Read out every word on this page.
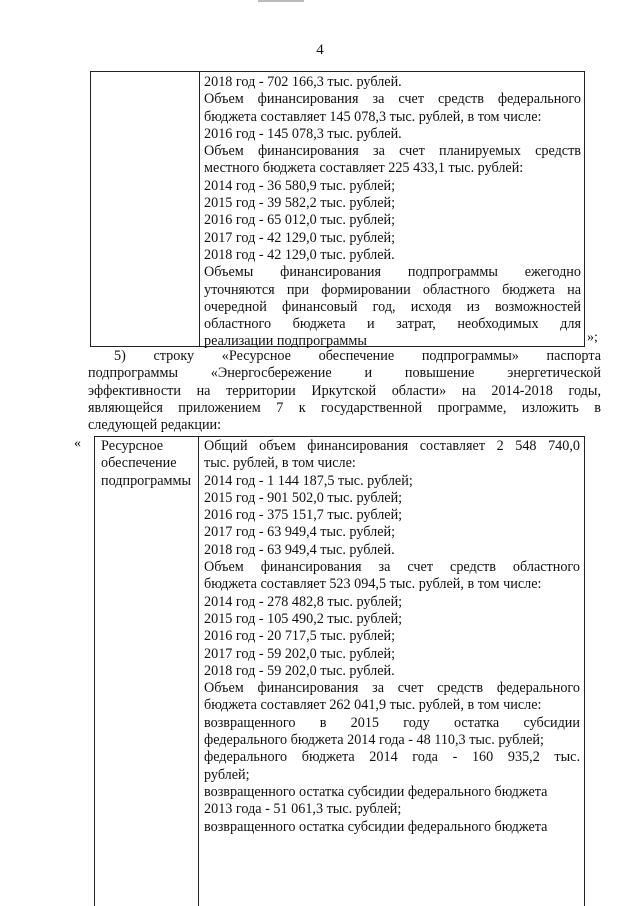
4
2018 год - 702 166,3 тыс. рублей.
Объем финансирования за счет средств федерального
бюджета составляет 145 078,3 тыс. рублей, в том числе:
2016 год - 145 078,3 тыс. рублей.
Объем финансирования за счет планируемых средств
местного бюджета составляет 225 433,1 тыс. рублей:
2014 год - 36 580,9 тыс. рублей;
2015 год - 39 582,2 тыс. рублей;
2016 год - 65 012,0 тыс. рублей;
2017 год - 42 129,0 тыс. рублей;
2018 год - 42 129,0 тыс. рублей.
Объемы финансирования подпрограммы ежегодно
уточняются при формировании областного бюджета на
очередной финансовый год, исходя из возможностей
областного бюджета и затрат, необходимых для
реализации подпрограммы	»;
5) строку «Ресурсное обеспечение подпрограммы» паспорта
подпрограммы «Энергосбережение и повышение энергетической
эффективности на территории Иркутской области» на 2014-2018 годы,
являющейся приложением 7 к государственной программе, изложить в
следующей редакции:
« Ресурсное
обеспечение
подпрограммы
Общий объем финансирования составляет 2 548 740,0
тыс. рублей, в том числе:
2014 год - 1 144 187,5 тыс. рублей;
2015 год - 901 502,0 тыс. рублей;
2016 год - 375 151,7 тыс. рублей;
2017 год - 63 949,4 тыс. рублей;
2018 год - 63 949,4 тыс. рублей.
Объем финансирования за счет средств областного
бюджета составляет 523 094,5 тыс. рублей, в том числе:
2014 год - 278 482,8 тыс. рублей;
2015 год - 105 490,2 тыс. рублей;
2016 год - 20 717,5 тыс. рублей;
2017 год - 59 202,0 тыс. рублей;
2018 год - 59 202,0 тыс. рублей.
Объем финансирования за счет средств федерального
бюджета составляет 262 041,9 тыс. рублей, в том числе:
возвращенного в 2015 году остатка субсидии
федерального бюджета 2014 года - 48 110,3 тыс. рублей;
федерального бюджета 2014 года - 160 935,2 тыс.
рублей;
возвращенного остатка субсидии федерального бюджета
2013 года - 51 061,3 тыс. рублей;
возвращенного остатка субсидии федерального бюджета
